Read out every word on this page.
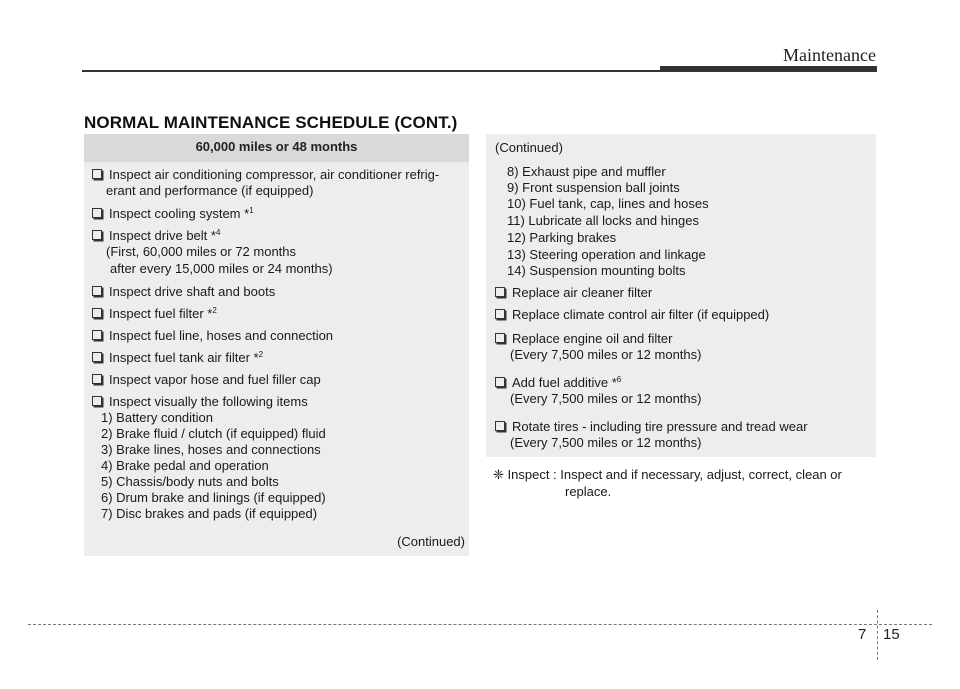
Maintenance
NORMAL MAINTENANCE SCHEDULE (CONT.)
60,000 miles or 48 months
Inspect air conditioning compressor, air conditioner refrig-
erant and performance (if equipped)
Inspect cooling system *$^1$
Inspect drive belt *$^4$
(First, 60,000 miles or 72 months
after every 15,000 miles or 24 months)
Inspect drive shaft and boots
Inspect fuel filter *$^2$
Inspect fuel line, hoses and connection
Inspect fuel tank air filter *$^2$
Inspect vapor hose and fuel filler cap
Inspect visually the following items
1) Battery condition
2) Brake fluid / clutch (if equipped) fluid
3) Brake lines, hoses and connections
4) Brake pedal and operation
5) Chassis/body nuts and bolts
6) Drum brake and linings (if equipped)
7) Disc brakes and pads (if equipped)
(Continued)
(Continued)
8) Exhaust pipe and muffler
9) Front suspension ball joints
10) Fuel tank, cap, lines and hoses
11) Lubricate all locks and hinges
12) Parking brakes
13) Steering operation and linkage
14) Suspension mounting bolts
Replace air cleaner filter
Replace climate control air filter (if equipped)
Replace engine oil and filter
(Every 7,500 miles or 12 months)
Add fuel additive *$^6$
(Every 7,500 miles or 12 months)
Rotate tires - including tire pressure and tread wear
(Every 7,500 miles or 12 months)
❈ Inspect : Inspect and if necessary, adjust, correct, clean or
replace.
7 15
